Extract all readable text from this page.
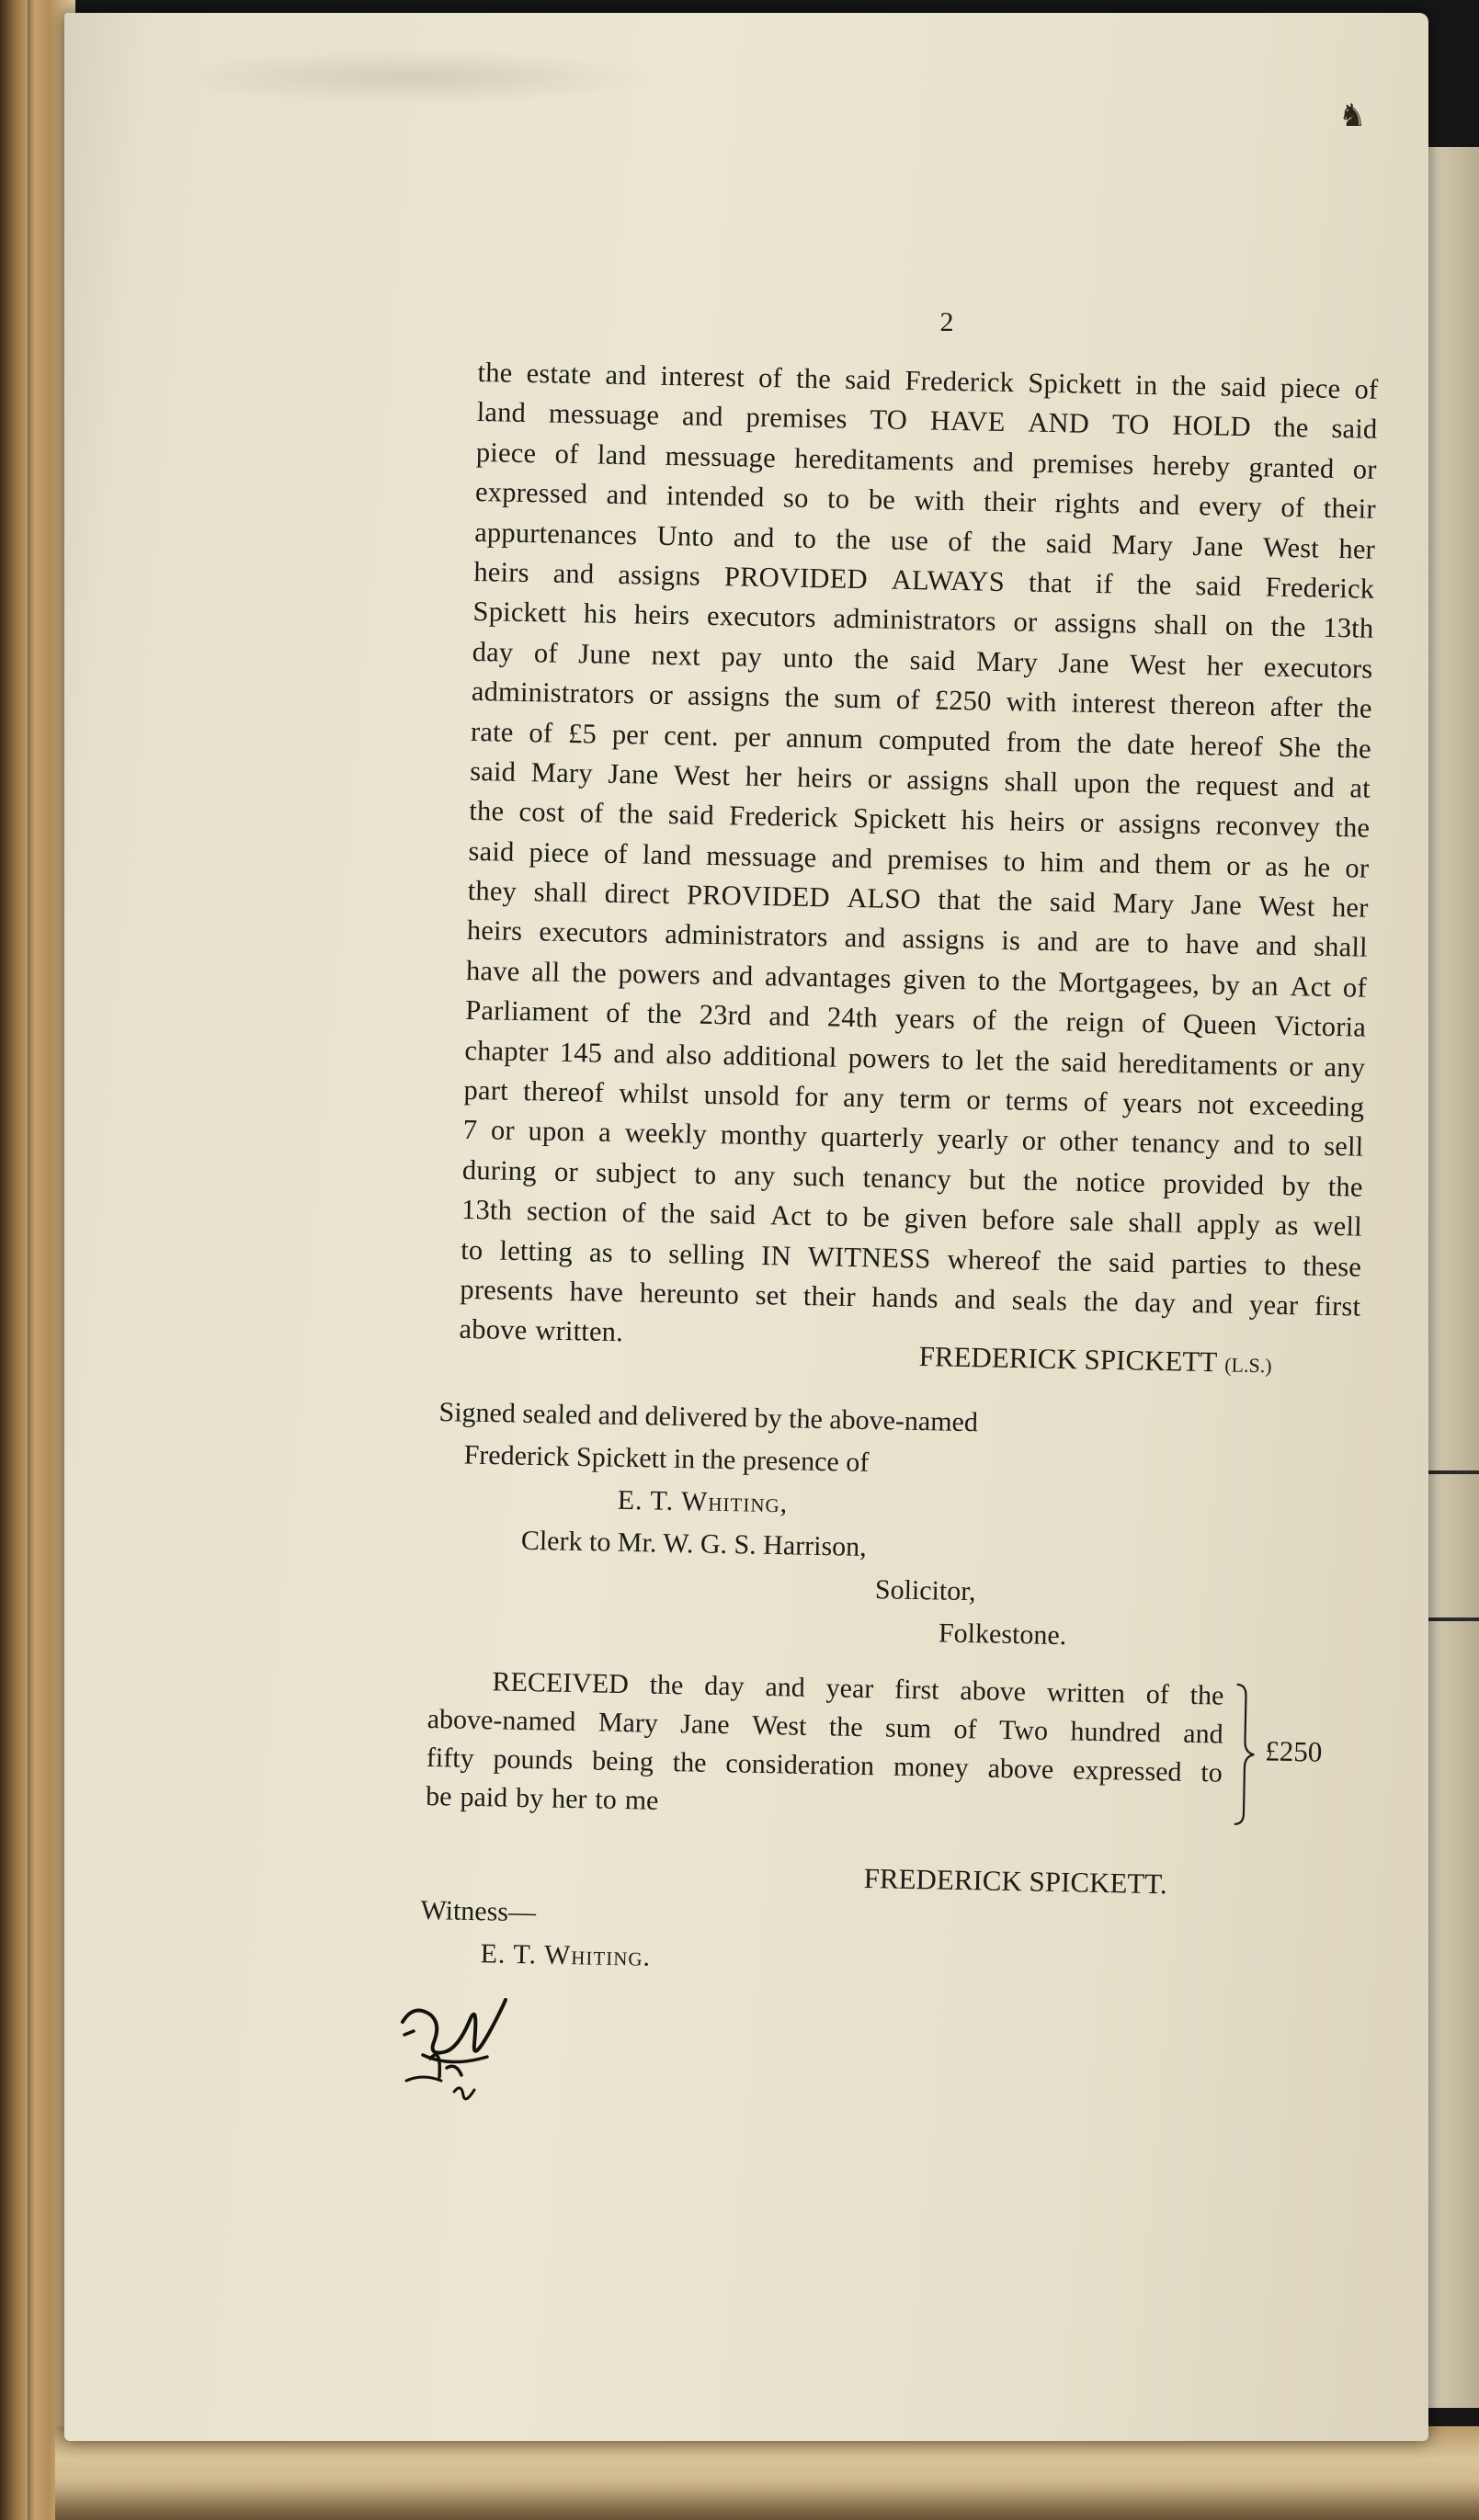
♞
2
the estate and interest of the said Frederick Spickett in the said piece of
land messuage and premises TO HAVE AND TO HOLD the said
piece of land messuage hereditaments and premises hereby granted or
expressed and intended so to be with their rights and every of their
appurtenances Unto and to the use of the said Mary Jane West her
heirs and assigns PROVIDED ALWAYS that if the said Frederick
Spickett his heirs executors administrators or assigns shall on the 13th
day of June next pay unto the said Mary Jane West her executors
administrators or assigns the sum of £250 with interest thereon after the
rate of £5 per cent. per annum computed from the date hereof She the
said Mary Jane West her heirs or assigns shall upon the request and at
the cost of the said Frederick Spickett his heirs or assigns reconvey the
said piece of land messuage and premises to him and them or as he or
they shall direct PROVIDED ALSO that the said Mary Jane West her
heirs executors administrators and assigns is and are to have and shall
have all the powers and advantages given to the Mortgagees, by an Act of
Parliament of the 23rd and 24th years of the reign of Queen Victoria
chapter 145 and also additional powers to let the said hereditaments or any
part thereof whilst unsold for any term or terms of years not exceeding
7 or upon a weekly monthy quarterly yearly or other tenancy and to sell
during or subject to any such tenancy but the notice provided by the
13th section of the said Act to be given before sale shall apply as well
to letting as to selling IN WITNESS whereof the said parties to these
presents have hereunto set their hands and seals the day and year first
above written.
FREDERICK SPICKETT (L.S.)
Signed sealed and delivered by the above-named
Frederick Spickett in the presence of
E. T. Whiting,
Clerk to Mr. W. G. S. Harrison,
Solicitor,
Folkestone.
RECEIVED the day and year first above written of the
above-named Mary Jane West the sum of Two hundred and
fifty pounds being the consideration money above expressed to
be paid by her to me
£250
FREDERICK SPICKETT.
Witness—
E. T. Whiting.
